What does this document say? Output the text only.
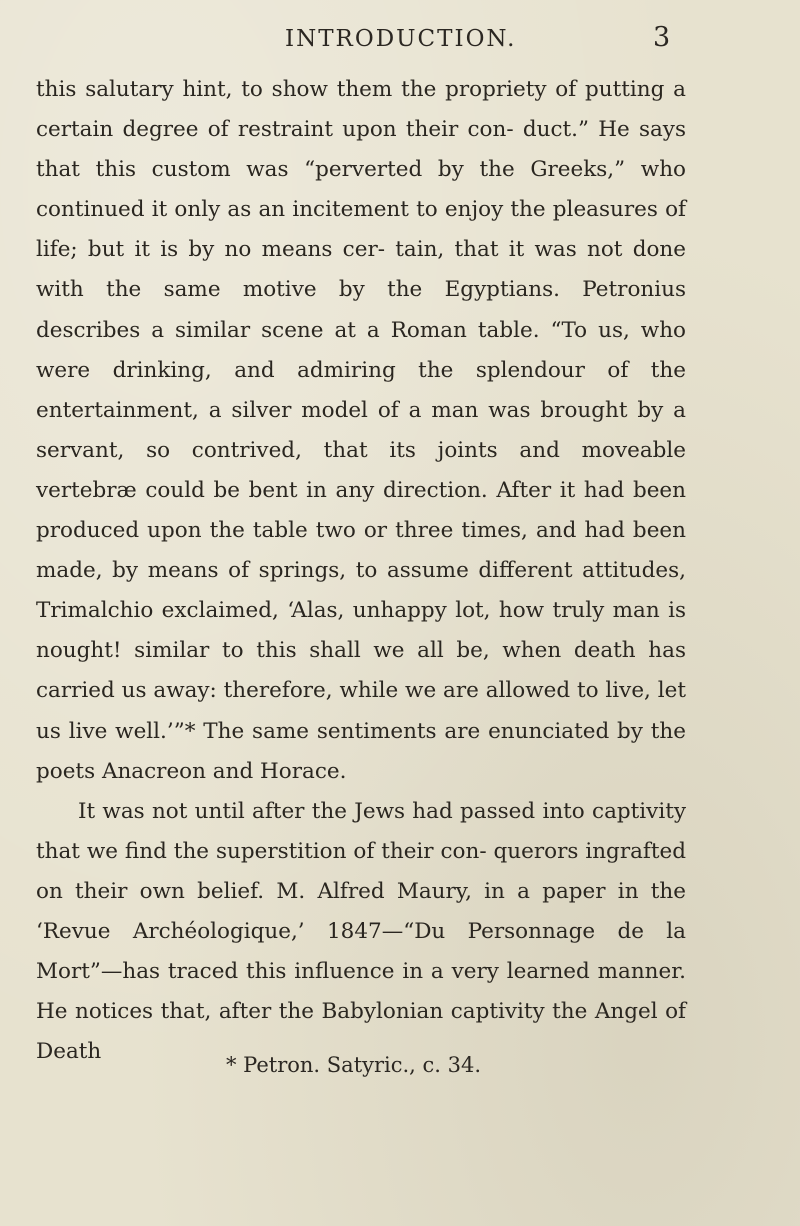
INTRODUCTION.	3

this salutary hint, to show them the propriety of putting a certain degree of restraint upon their con- duct.” He says that this custom was “perverted by the Greeks,” who continued it only as an incitement to enjoy the pleasures of life; but it is by no means cer- tain, that it was not done with the same motive by the Egyptians. Petronius describes a similar scene at a Roman table. “To us, who were drinking, and admiring the splendour of the entertainment, a silver model of a man was brought by a servant, so contrived, that its joints and moveable vertebræ could be bent in any direction. After it had been produced upon the table two or three times, and had been made, by means of springs, to assume different attitudes, Trimalchio exclaimed, ‘Alas, unhappy lot, how truly man is nought! similar to this shall we all be, when death has carried us away: therefore, while we are allowed to live, let us live well.’”* The same sentiments are enunciated by the poets Anacreon and Horace.

It was not until after the Jews had passed into captivity that we find the superstition of their con- querors ingrafted on their own belief. M. Alfred Maury, in a paper in the ‘Revue Archéologique,’ 1847—“Du Personnage de la Mort”—has traced this influence in a very learned manner. He notices that, after the Babylonian captivity the Angel of Death

* Petron. Satyric., c. 34.
